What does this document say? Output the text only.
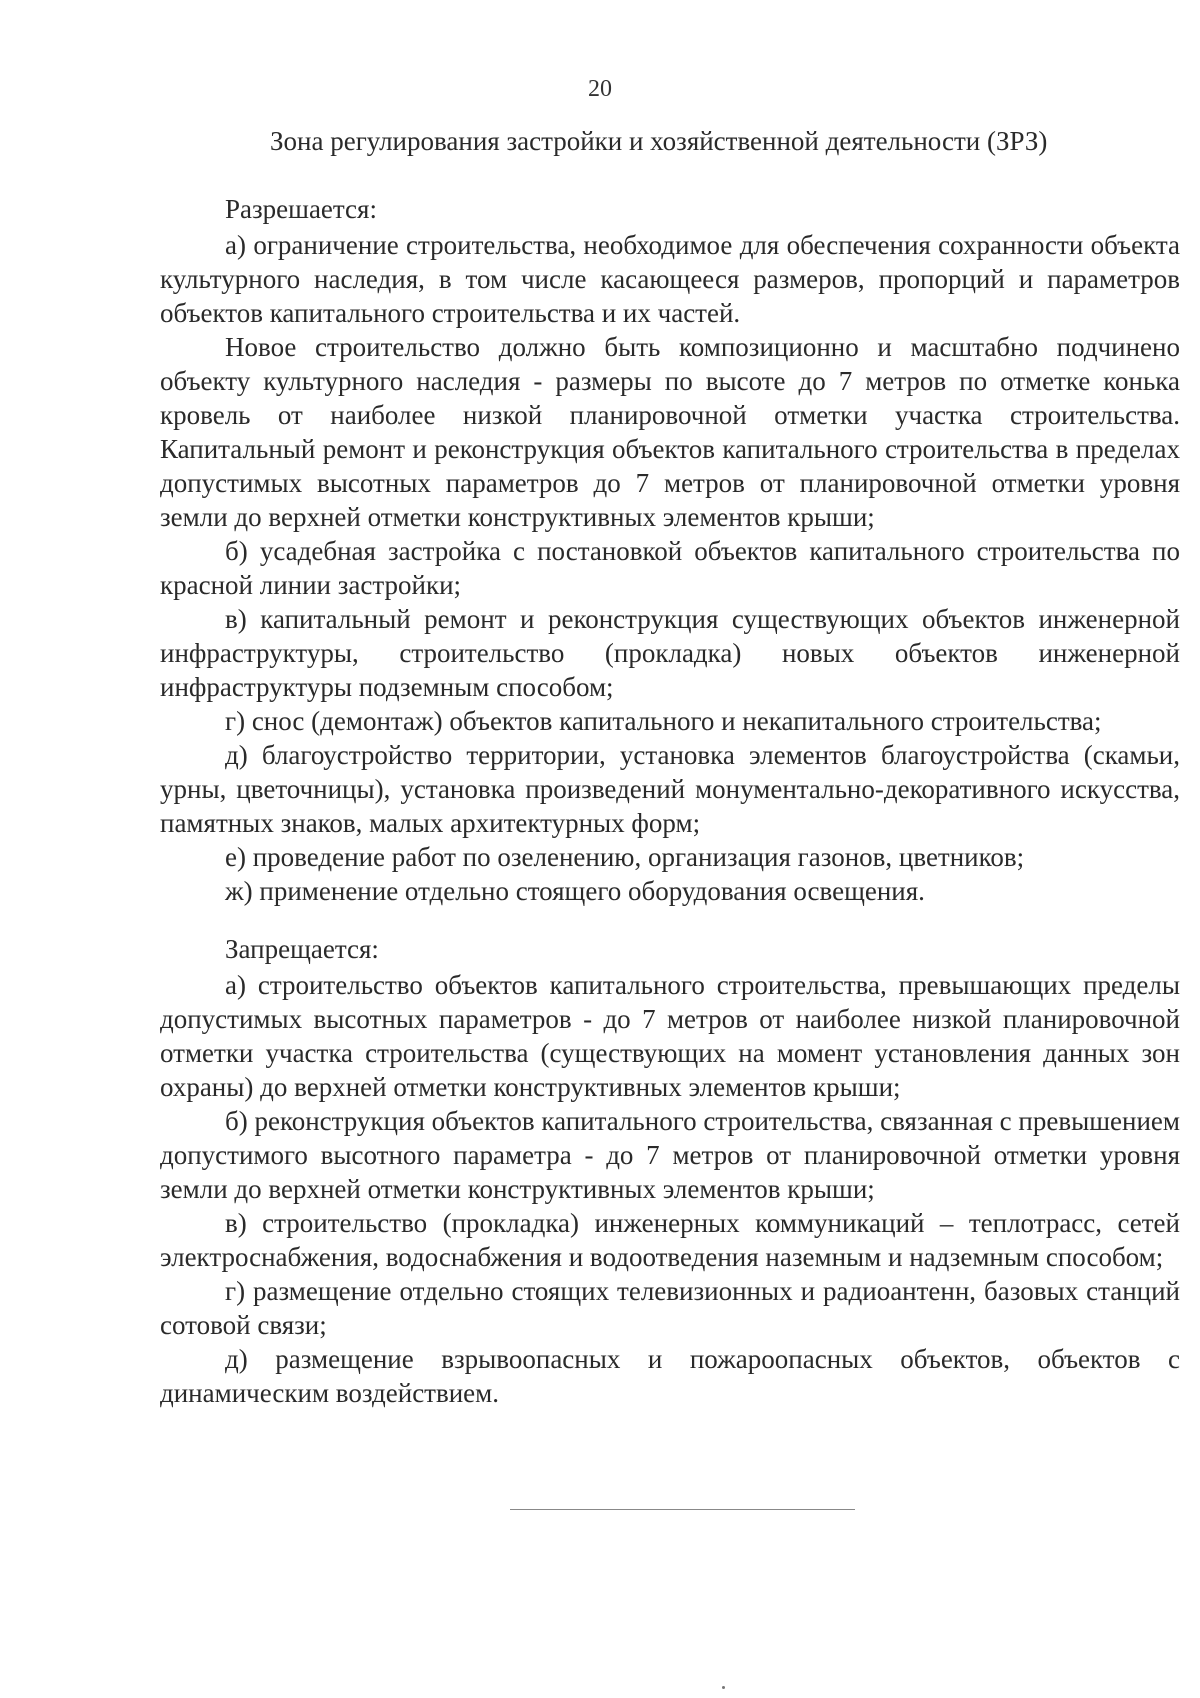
20
Зона регулирования застройки и хозяйственной деятельности (ЗРЗ)

Разрешается:

а) ограничение строительства, необходимое для обеспечения сохранности объекта культурного наследия, в том числе касающееся размеров, пропорций и параметров объектов капитального строительства и их частей.

Новое строительство должно быть композиционно и масштабно подчинено объекту культурного наследия - размеры по высоте до 7 метров по отметке конька кровель от наиболее низкой планировочной отметки участка строительства. Капитальный ремонт и реконструкция объектов капитального строительства в пределах допустимых высотных параметров до 7 метров от планировочной отметки уровня земли до верхней отметки конструктивных элементов крыши;

б) усадебная застройка с постановкой объектов капитального строительства по красной линии застройки;

в) капитальный ремонт и реконструкция существующих объектов инженерной инфраструктуры, строительство (прокладка) новых объектов инженерной инфраструктуры подземным способом;

г) снос (демонтаж) объектов капитального и некапитального строительства;

д) благоустройство территории, установка элементов благоустройства (скамьи, урны, цветочницы), установка произведений монументально-декоративного искусства, памятных знаков, малых архитектурных форм;

е) проведение работ по озеленению, организация газонов, цветников;

ж) применение отдельно стоящего оборудования освещения.

Запрещается:

а) строительство объектов капитального строительства, превышающих пределы допустимых высотных параметров - до 7 метров от наиболее низкой планировочной отметки участка строительства (существующих на момент установления данных зон охраны) до верхней отметки конструктивных элементов крыши;

б) реконструкция объектов капитального строительства, связанная с превышением допустимого высотного параметра - до 7 метров от планировочной отметки уровня земли до верхней отметки конструктивных элементов крыши;

в) строительство (прокладка) инженерных коммуникаций – теплотрасс, сетей электроснабжения, водоснабжения и водоотведения наземным и надземным способом;

г) размещение отдельно стоящих телевизионных и радиоантенн, базовых станций сотовой связи;

д) размещение взрывоопасных и пожароопасных объектов, объектов с динамическим воздействием.
